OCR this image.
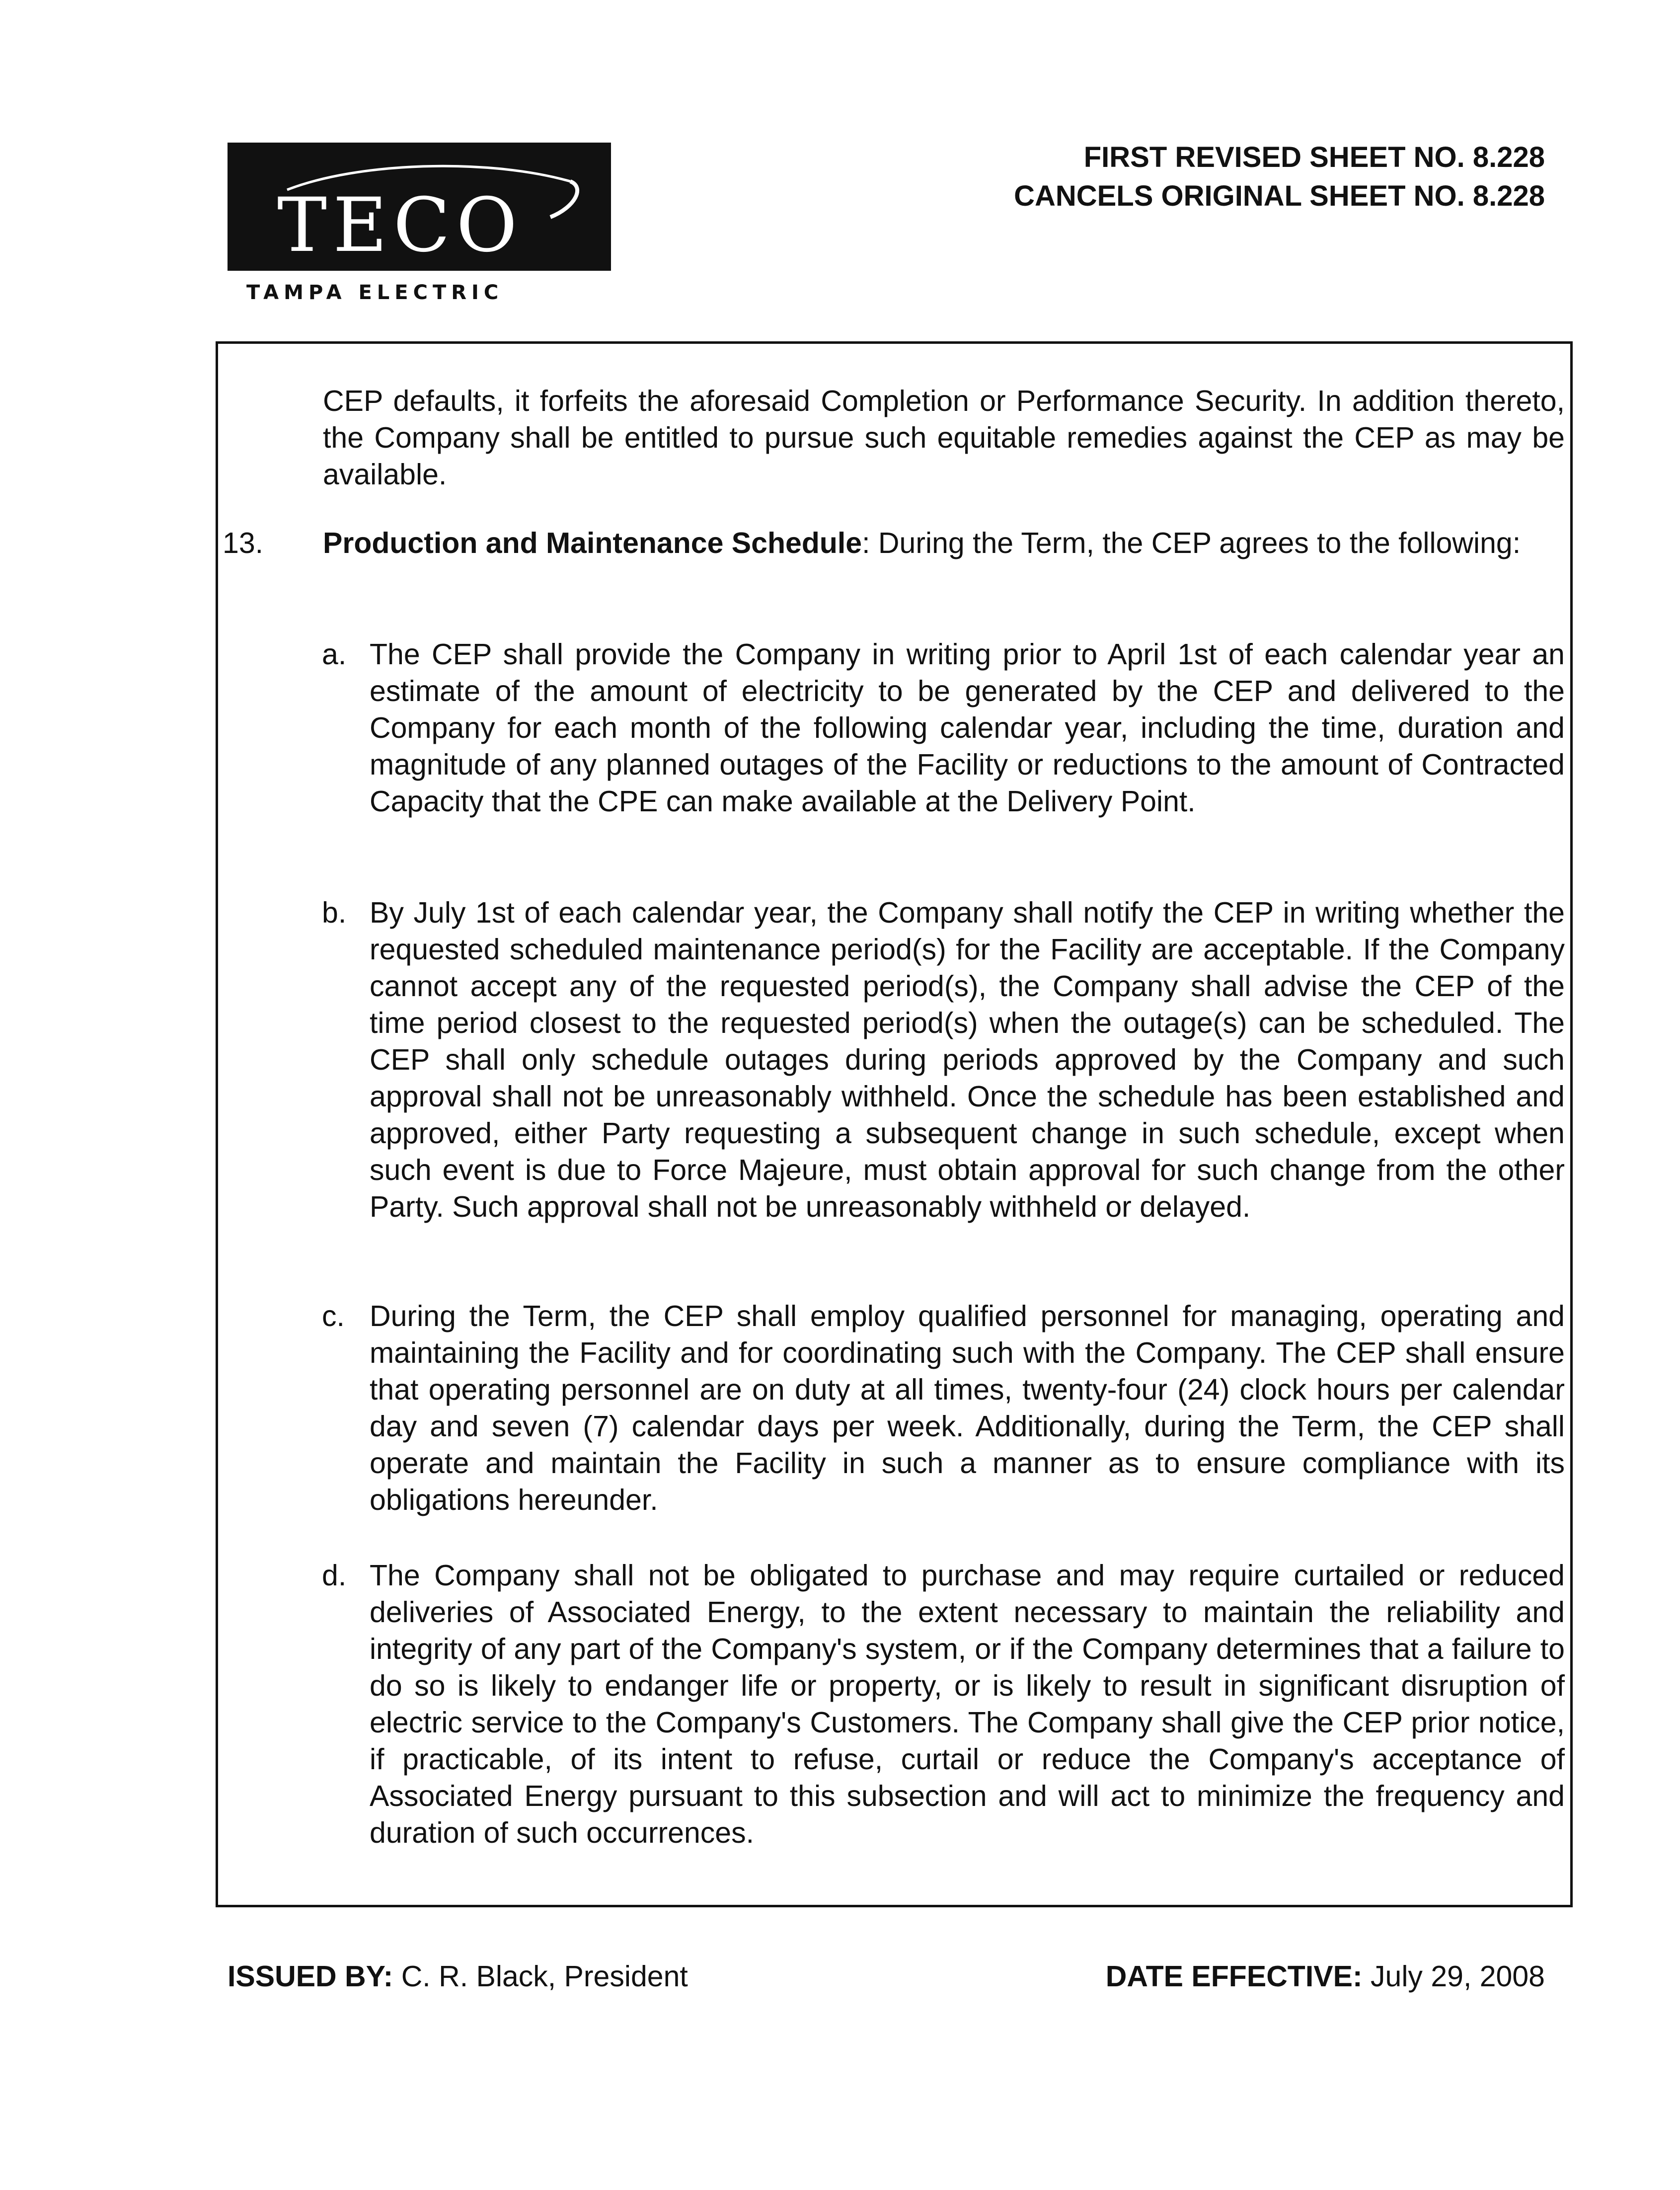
TECO
TAMPA ELECTRIC
FIRST REVISED SHEET NO. 8.228
CANCELS ORIGINAL SHEET NO. 8.228
CEP defaults, it forfeits the aforesaid Completion or Performance Security. In addition thereto, the Company shall be entitled to pursue such equitable remedies against the CEP as may be available.
13. Production and Maintenance Schedule: During the Term, the CEP agrees to the following:
a. The CEP shall provide the Company in writing prior to April 1st of each calendar year an estimate of the amount of electricity to be generated by the CEP and delivered to the Company for each month of the following calendar year, including the time, duration and magnitude of any planned outages of the Facility or reductions to the amount of Contracted Capacity that the CPE can make available at the Delivery Point.
b. By July 1st of each calendar year, the Company shall notify the CEP in writing whether the requested scheduled maintenance period(s) for the Facility are acceptable. If the Company cannot accept any of the requested period(s), the Company shall advise the CEP of the time period closest to the requested period(s) when the outage(s) can be scheduled. The CEP shall only schedule outages during periods approved by the Company and such approval shall not be unreasonably withheld. Once the schedule has been established and approved, either Party requesting a subsequent change in such schedule, except when such event is due to Force Majeure, must obtain approval for such change from the other Party. Such approval shall not be unreasonably withheld or delayed.
c. During the Term, the CEP shall employ qualified personnel for managing, operating and maintaining the Facility and for coordinating such with the Company. The CEP shall ensure that operating personnel are on duty at all times, twenty-four (24) clock hours per calendar day and seven (7) calendar days per week. Additionally, during the Term, the CEP shall operate and maintain the Facility in such a manner as to ensure compliance with its obligations hereunder.
d. The Company shall not be obligated to purchase and may require curtailed or reduced deliveries of Associated Energy, to the extent necessary to maintain the reliability and integrity of any part of the Company's system, or if the Company determines that a failure to do so is likely to endanger life or property, or is likely to result in significant disruption of electric service to the Company's Customers. The Company shall give the CEP prior notice, if practicable, of its intent to refuse, curtail or reduce the Company's acceptance of Associated Energy pursuant to this subsection and will act to minimize the frequency and duration of such occurrences.
ISSUED BY: C. R. Black, President	DATE EFFECTIVE: July 29, 2008
